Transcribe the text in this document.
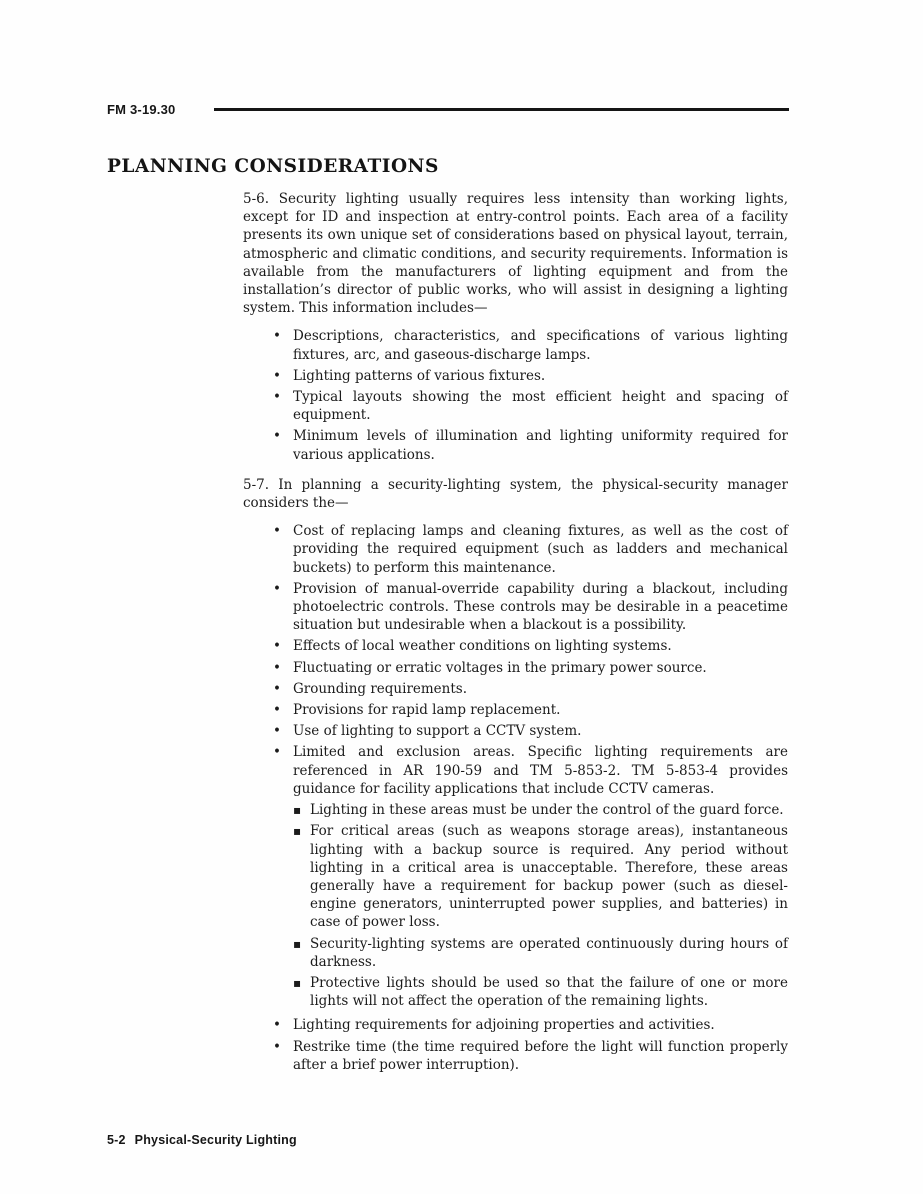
FM 3-19.30
PLANNING CONSIDERATIONS

5-6. Security lighting usually requires less intensity than working lights, except for ID and inspection at entry-control points. Each area of a facility presents its own unique set of considerations based on physical layout, terrain, atmospheric and climatic conditions, and security requirements. Information is available from the manufacturers of lighting equipment and from the installation’s director of public works, who will assist in designing a lighting system. This information includes—

• Descriptions, characteristics, and specifications of various lighting fixtures, arc, and gaseous-discharge lamps.
• Lighting patterns of various fixtures.
• Typical layouts showing the most efficient height and spacing of equipment.
• Minimum levels of illumination and lighting uniformity required for various applications.

5-7. In planning a security-lighting system, the physical-security manager considers the—

• Cost of replacing lamps and cleaning fixtures, as well as the cost of providing the required equipment (such as ladders and mechanical buckets) to perform this maintenance.
• Provision of manual-override capability during a blackout, including photoelectric controls. These controls may be desirable in a peacetime situation but undesirable when a blackout is a possibility.
• Effects of local weather conditions on lighting systems.
• Fluctuating or erratic voltages in the primary power source.
• Grounding requirements.
• Provisions for rapid lamp replacement.
• Use of lighting to support a CCTV system.
• Limited and exclusion areas. Specific lighting requirements are referenced in AR 190-59 and TM 5-853-2. TM 5-853-4 provides guidance for facility applications that include CCTV cameras.

▪ Lighting in these areas must be under the control of the guard force.
▪ For critical areas (such as weapons storage areas), instantaneous lighting with a backup source is required. Any period without lighting in a critical area is unacceptable. Therefore, these areas generally have a requirement for backup power (such as diesel-engine generators, uninterrupted power supplies, and batteries) in case of power loss.
▪ Security-lighting systems are operated continuously during hours of darkness.
▪ Protective lights should be used so that the failure of one or more lights will not affect the operation of the remaining lights.
• Lighting requirements for adjoining properties and activities.
• Restrike time (the time required before the light will function properly after a brief power interruption).
5-2 Physical-Security Lighting
